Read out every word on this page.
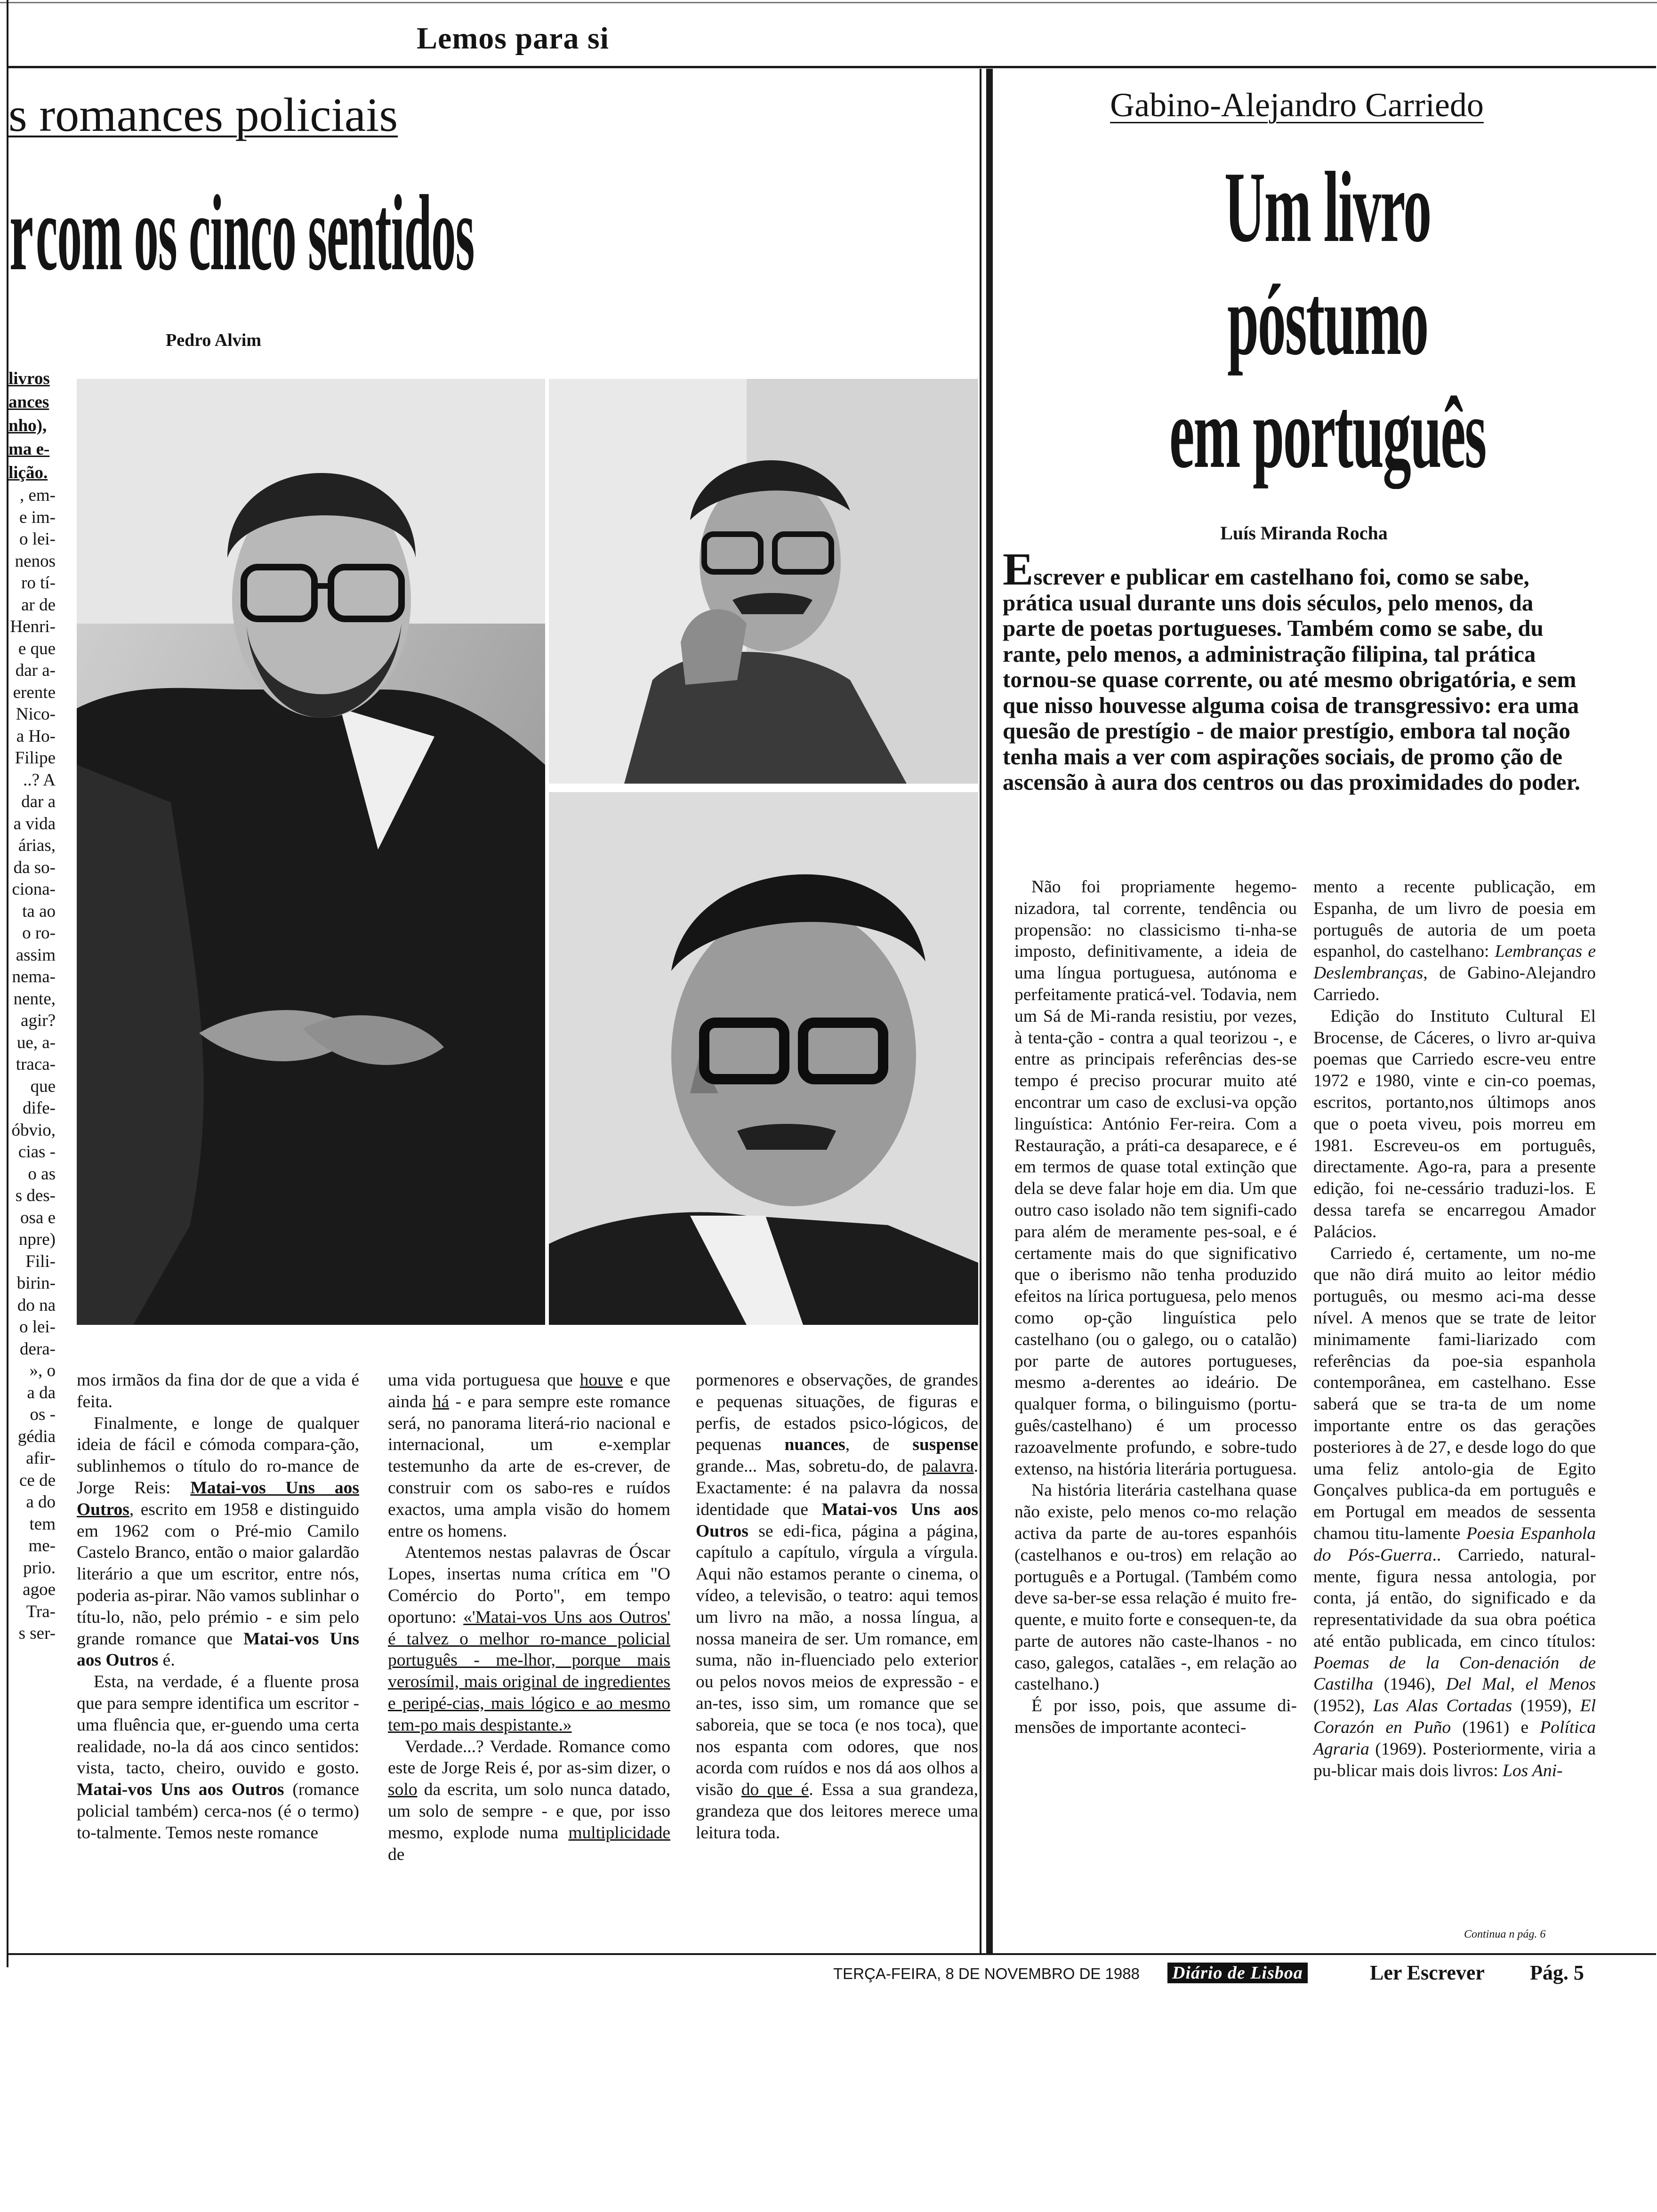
Lemos para si
s romances policiais
r com os cinco sentidos
Pedro Alvim
livros
ances
nho),
ma e-
lição.
, em-
e im-
o lei-
nenos
ro tí-
ar de
Henri-
e que
dar a-
erente
Nico-
a Ho-
Filipe
..? A
dar a
a vida
árias,
da so-
ciona-
ta ao
o ro-
assim
nema-
nente,
agir?
ue, a-
traca-
que
dife-
óbvio,
cias -
o as
s des-
osa e
npre)
Fili-
birin-
do na
o lei-
dera-
», o
a da
os -
gédia
afir-
ce de
a do
tem
me-
prio.
agoe
Tra-
s ser-

mos irmãos da fina dor de que a vida é feita.

Finalmente, e longe de qualquer ideia de fácil e cómoda compara-ção, sublinhemos o título do ro-mance de Jorge Reis: Matai-vos Uns aos Outros, escrito em 1958 e distinguido em 1962 com o Pré-mio Camilo Castelo Branco, então o maior galardão literário a que um escritor, entre nós, poderia as-pirar. Não vamos sublinhar o títu-lo, não, pelo prémio - e sim pelo grande romance que Matai-vos Uns aos Outros é.

Esta, na verdade, é a fluente prosa que para sempre identifica um escritor - uma fluência que, er-guendo uma certa realidade, no-la dá aos cinco sentidos: vista, tacto, cheiro, ouvido e gosto. Matai-vos Uns aos Outros (romance policial também) cerca-nos (é o termo) to-talmente. Temos neste romance

uma vida portuguesa que houve e que ainda há - e para sempre este romance será, no panorama literá-rio nacional e internacional, um e-xemplar testemunho da arte de es-crever, de construir com os sabo-res e ruídos exactos, uma ampla visão do homem entre os homens.

Atentemos nestas palavras de Óscar Lopes, insertas numa crítica em "O Comércio do Porto", em tempo oportuno: «'Matai-vos Uns aos Outros' é talvez o melhor ro-mance policial português - me-lhor, porque mais verosímil, mais original de ingredientes e peripé-cias, mais lógico e ao mesmo tem-po mais despistante.»

Verdade...? Verdade. Romance como este de Jorge Reis é, por as-sim dizer, o solo da escrita, um solo nunca datado, um solo de sempre - e que, por isso mesmo, explode numa multiplicidade de

pormenores e observações, de grandes e pequenas situações, de figuras e perfis, de estados psico-lógicos, de pequenas nuances, de suspense grande... Mas, sobretu-do, de palavra. Exactamente: é na palavra da nossa identidade que Matai-vos Uns aos Outros se edi-fica, página a página, capítulo a capítulo, vírgula a vírgula. Aqui não estamos perante o cinema, o vídeo, a televisão, o teatro: aqui temos um livro na mão, a nossa língua, a nossa maneira de ser. Um romance, em suma, não in-fluenciado pelo exterior ou pelos novos meios de expressão - e an-tes, isso sim, um romance que se saboreia, que se toca (e nos toca), que nos espanta com odores, que nos acorda com ruídos e nos dá aos olhos a visão do que é. Essa a sua grandeza, grandeza que dos leitores merece uma leitura toda.

Gabino-Alejandro Carriedo
Um livro
póstumo
em português
Luís Miranda Rocha
Escrever e publicar em castelhano foi, como se sabe, prática usual durante uns dois séculos, pelo menos, da parte de poetas portugueses. Também como se sabe, du rante, pelo menos, a administração filipina, tal prática tornou-se quase corrente, ou até mesmo obrigatória, e sem que nisso houvesse alguma coisa de transgressivo: era uma quesão de prestígio - de maior prestígio, embora tal noção tenha mais a ver com aspirações sociais, de promo ção de ascensão à aura dos centros ou das proximidades do poder.

Não foi propriamente hegemo-nizadora, tal corrente, tendência ou propensão: no classicismo ti-nha-se imposto, definitivamente, a ideia de uma língua portuguesa, autónoma e perfeitamente praticá-vel. Todavia, nem um Sá de Mi-randa resistiu, por vezes, à tenta-ção - contra a qual teorizou -, e entre as principais referências des-se tempo é preciso procurar muito até encontrar um caso de exclusi-va opção linguística: António Fer-reira. Com a Restauração, a práti-ca desaparece, e é em termos de quase total extinção que dela se deve falar hoje em dia. Um que outro caso isolado não tem signifi-cado para além de meramente pes-soal, e é certamente mais do que significativo que o iberismo não tenha produzido efeitos na lírica portuguesa, pelo menos como op-ção linguística pelo castelhano (ou o galego, ou o catalão) por parte de autores portugueses, mesmo a-derentes ao ideário. De qualquer forma, o bilinguismo (portu-guês/castelhano) é um processo razoavelmente profundo, e sobre-tudo extenso, na história literária portuguesa.

Na história literária castelhana quase não existe, pelo menos co-mo relação activa da parte de au-tores espanhóis (castelhanos e ou-tros) em relação ao português e a Portugal. (Também como deve sa-ber-se essa relação é muito fre-quente, e muito forte e consequen-te, da parte de autores não caste-lhanos - no caso, galegos, catalães -, em relação ao castelhano.)

É por isso, pois, que assume di-mensões de importante aconteci-

mento a recente publicação, em Espanha, de um livro de poesia em português de autoria de um poeta espanhol, do castelhano: Lembranças e Deslembranças, de Gabino-Alejandro Carriedo.

Edição do Instituto Cultural El Brocense, de Cáceres, o livro ar-quiva poemas que Carriedo escre-veu entre 1972 e 1980, vinte e cin-co poemas, escritos, portanto,nos últimops anos que o poeta viveu, pois morreu em 1981. Escreveu-os em português, directamente. Ago-ra, para a presente edição, foi ne-cessário traduzi-los. E dessa tarefa se encarregou Amador Palácios.

Carriedo é, certamente, um no-me que não dirá muito ao leitor médio português, ou mesmo aci-ma desse nível. A menos que se trate de leitor minimamente fami-liarizado com referências da poe-sia espanhola contemporânea, em castelhano. Esse saberá que se tra-ta de um nome importante entre os das gerações posteriores à de 27, e desde logo do que uma feliz antolo-gia de Egito Gonçalves publica-da em português e em Portugal em meados de sessenta chamou titu-lamente Poesia Espanhola do Pós-Guerra.. Carriedo, natural-mente, figura nessa antologia, por conta, já então, do significado e da representatividade da sua obra poética até então publicada, em cinco títulos: Poemas de la Con-denación de Castilha (1946), Del Mal, el Menos (1952), Las Alas Cortadas (1959), El Corazón en Puño (1961) e Política Agraria (1969). Posteriormente, viria a pu-blicar mais dois livros: Los Ani-

Continua n pág. 6
TERÇA-FEIRA, 8 DE NOVEMBRO DE 1988 Diário de Lisboa	Ler Escrever Pág. 5
